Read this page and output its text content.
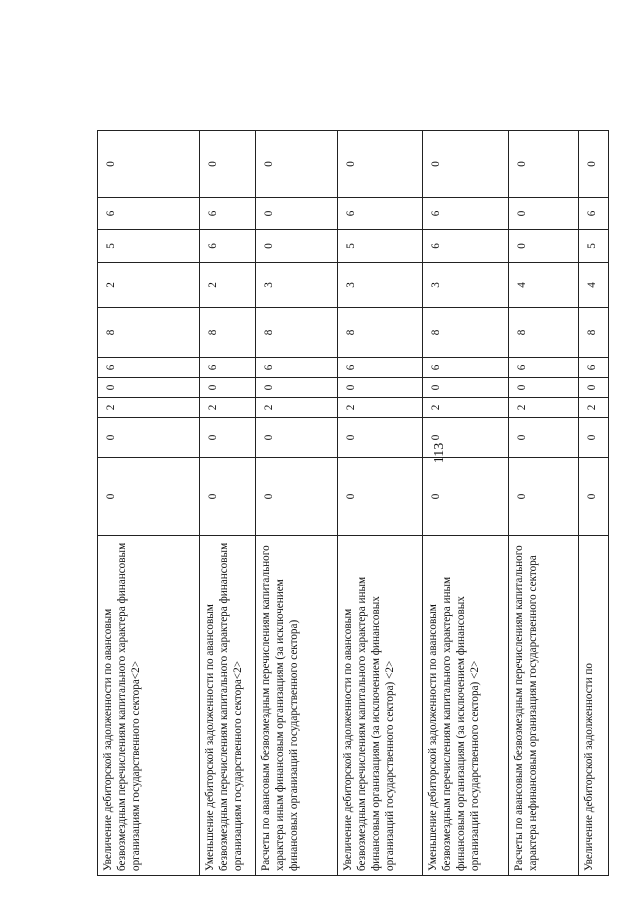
113
Увеличение дебиторской задолженности по авансовым безвозмездным перечислениям капитального характера финансовым организациям государственного сектора<2>	0	0	2	0	6	8	2	5	6	0
Уменьшение дебиторской задолженности по авансовым безвозмездным перечислениям капитального характера финансовым организациям государственного сектора<2>	0	0	2	0	6	8	2	6	6	0
Расчеты по авансовым безвозмездным перечислениям капитального характера иным финансовым организациям (за исключением финансовых организаций государственного сектора)	0	0	2	0	6	8	3	0	0	0
Увеличение дебиторской задолженности по авансовым безвозмездным перечислениям капитального характера иным финансовым организациям (за исключением финансовых организаций государственного сектора) <2>	0	0	2	0	6	8	3	5	6	0
Уменьшение дебиторской задолженности по авансовым безвозмездным перечислениям капитального характера иным финансовым организациям (за исключением финансовых организаций государственного сектора) <2>	0	0	2	0	6	8	3	6	6	0
Расчеты по авансовым безвозмездным перечислениям капитального характера нефинансовым организациям государственного сектора	0	0	2	0	6	8	4	0	0	0
Увеличение дебиторской задолженности по	0	0	2	0	6	8	4	5	6	0
